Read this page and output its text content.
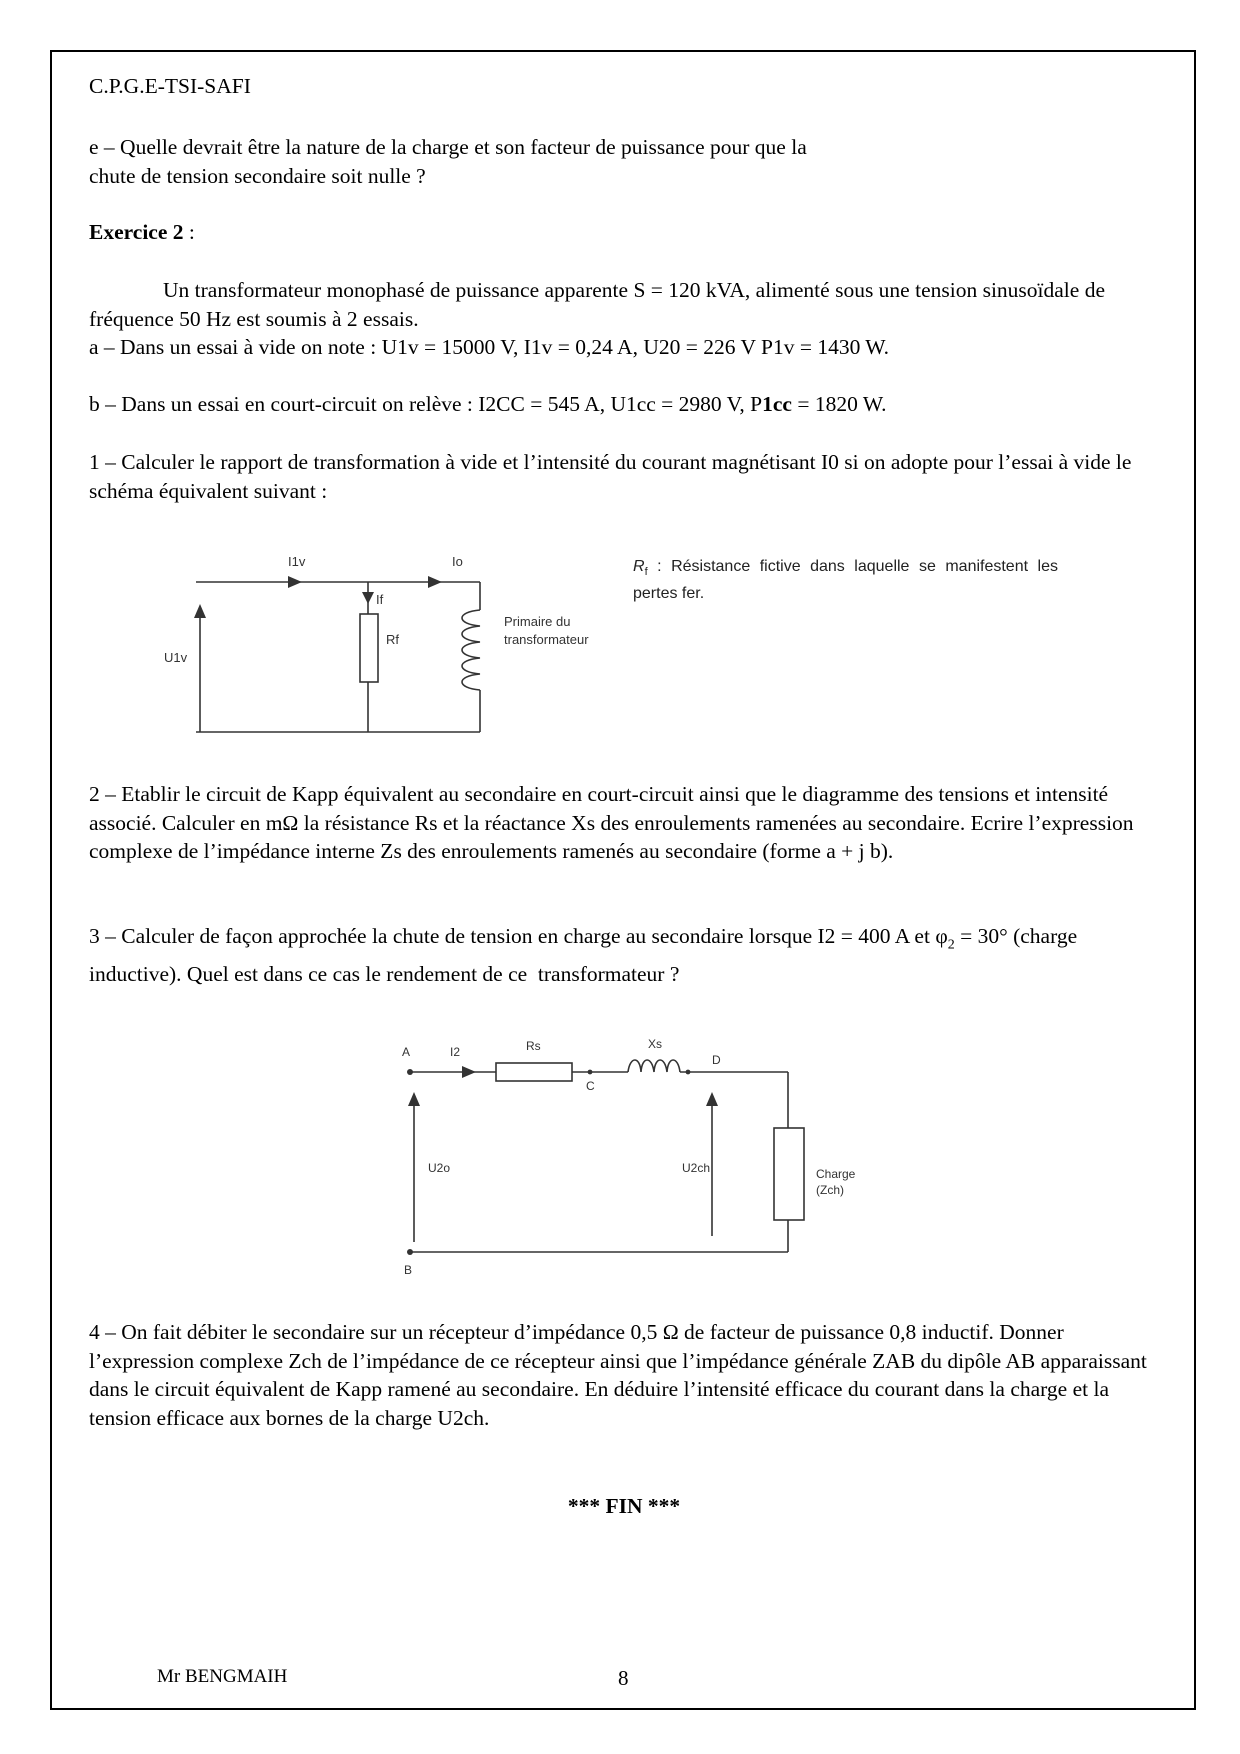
C.P.G.E-TSI-SAFI

e – Quelle devrait être la nature de la charge et son facteur de puissance pour que la
chute de tension secondaire soit nulle ?

Exercice 2 :

Un transformateur monophasé de puissance apparente S = 120 kVA, alimenté sous une tension sinusoïdale de fréquence 50 Hz est soumis à 2 essais.

a – Dans un essai à vide on note : U1v = 15000 V, I1v = 0,24 A, U20 = 226 V P1v = 1430 W.

b – Dans un essai en court-circuit on relève : I2CC = 545 A, U1cc = 2980 V, P1cc = 1820 W.

1 – Calculer le rapport de transformation à vide et l’intensité du courant magnétisant I0 si on adopte pour l’essai à vide le schéma équivalent suivant :

I1v	Io
If
Rf
U1v
Primaire du
transformateur
$R_f$ : Résistance fictive dans laquelle se manifestent les pertes fer.

2 – Etablir le circuit de Kapp équivalent au secondaire en court-circuit ainsi que le diagramme des tensions et intensité associé. Calculer en mΩ la résistance Rs et la réactance Xs des enroulements ramenées au secondaire. Ecrire l’expression complexe de l’impédance interne Zs des enroulements ramenés au secondaire (forme a + j b).

3 – Calculer de façon approchée la chute de tension en charge au secondaire lorsque I2 = 400 A et $\varphi_2 = 30^\circ$ (charge inductive). Quel est dans ce cas le rendement de ce  transformateur ?

A	I2	Rs	Xs
C
D
U2o	U2ch	Charge
(Zch)
B

4 – On fait débiter le secondaire sur un récepteur d’impédance 0,5 Ω de facteur de puissance 0,8 inductif. Donner l’expression complexe Zch de l’impédance de ce récepteur ainsi que l’impédance générale ZAB du dipôle AB apparaissant dans le circuit équivalent de Kapp ramené au secondaire. En déduire l’intensité efficace du courant dans la charge et la tension efficace aux bornes de la charge U2ch.

*** FIN ***

Mr BENGMAIH	8
